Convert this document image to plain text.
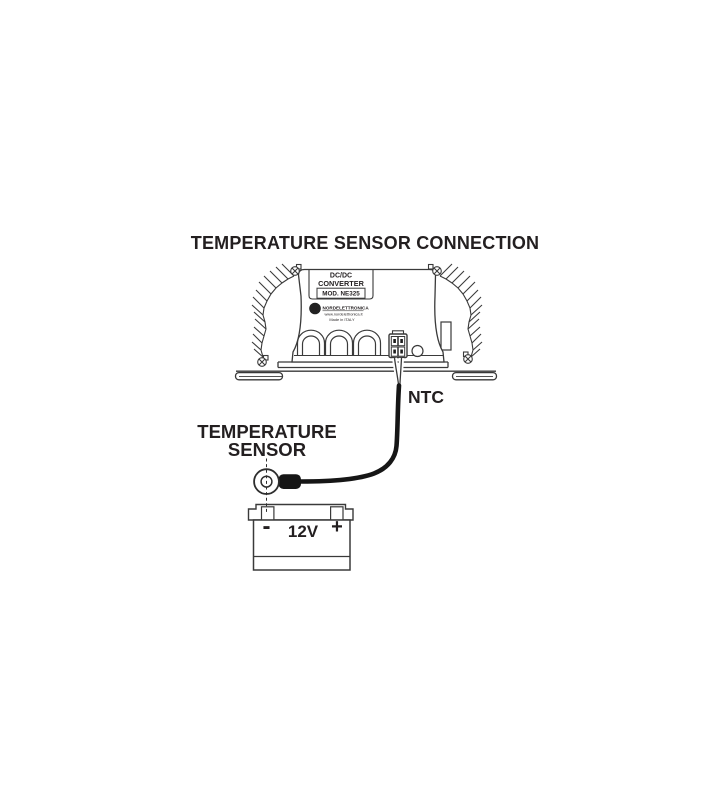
TEMPERATURE SENSOR CONNECTION
DC/DC
CONVERTER
MOD. NE325
N NORDELETTRONICA
www.nordelettronica.it
Made in ITALY
NTC
TEMPERATURE
SENSOR
- 12V +
